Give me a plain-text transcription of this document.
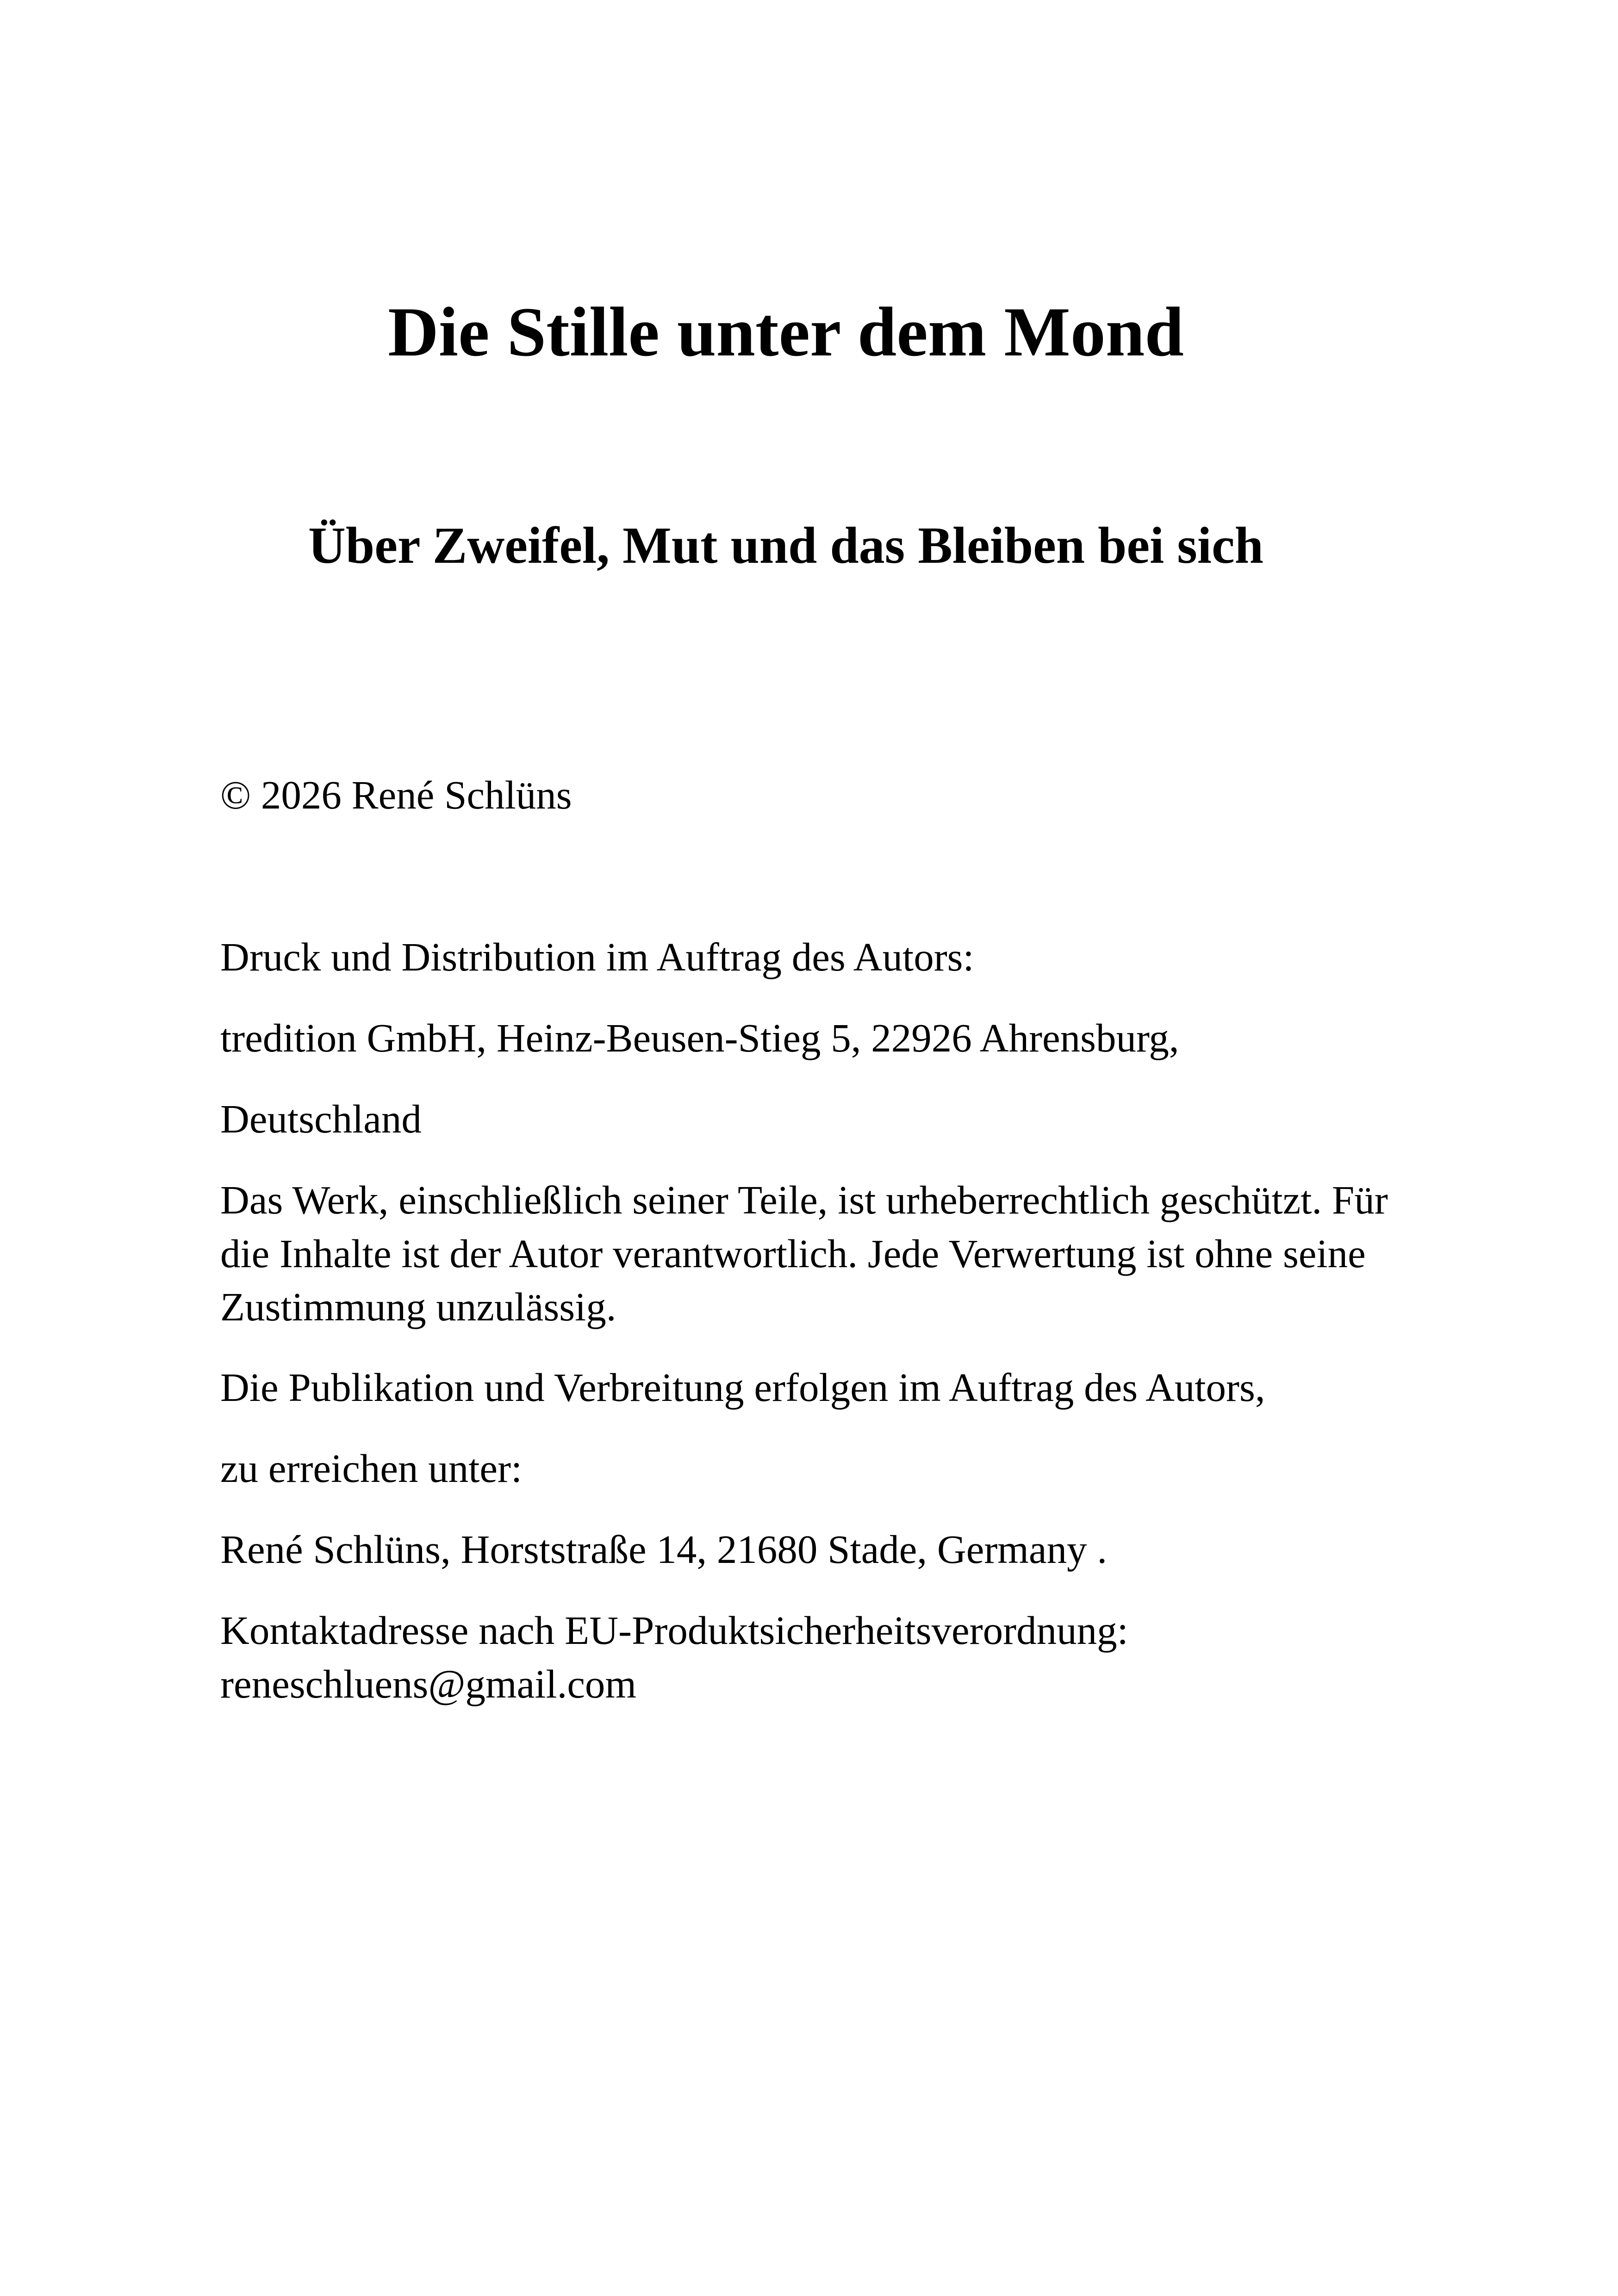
Die Stille unter dem Mond
Über Zweifel, Mut und das Bleiben bei sich

© 2026 René Schlüns

Druck und Distribution im Auftrag des Autors:

tredition GmbH, Heinz-Beusen-Stieg 5, 22926 Ahrensburg,

Deutschland

Das Werk, einschließlich seiner Teile, ist urheberrechtlich geschützt. Für die Inhalte ist der Autor verantwortlich. Jede Verwertung ist ohne seine Zustimmung unzulässig.

Die Publikation und Verbreitung erfolgen im Auftrag des Autors,

zu erreichen unter:

René Schlüns, Horststraße 14, 21680 Stade, Germany .

Kontaktadresse nach EU-Produktsicherheitsverordnung: reneschluens@gmail.com
